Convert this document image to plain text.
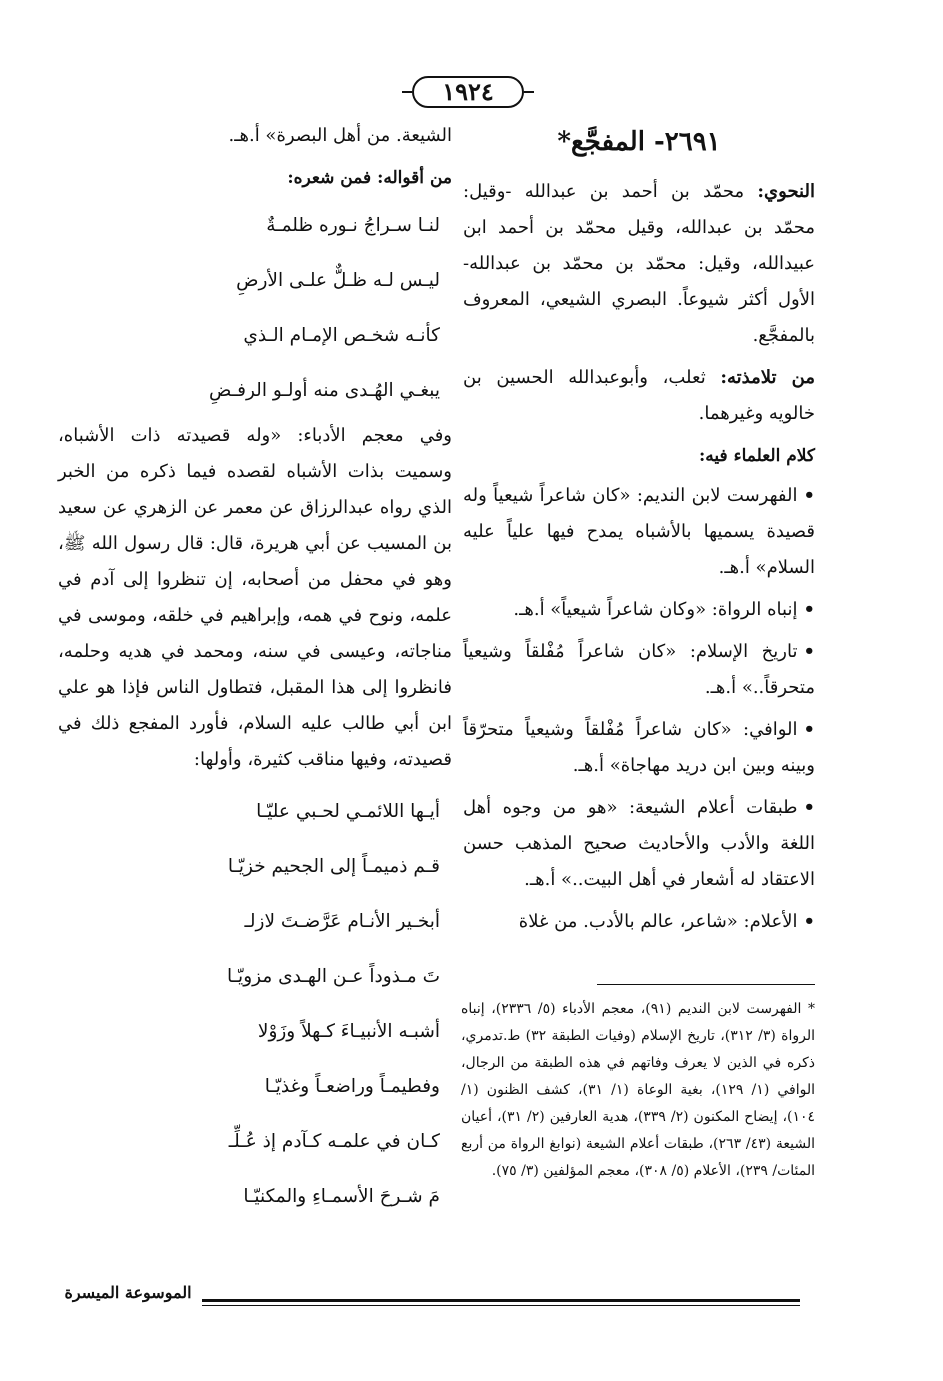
١٩٢٤
٢٦٩١- المفجَّع*

النحوي: محمّد بن أحمد بن عبدالله -وقيل: محمّد بن عبدالله، وقيل محمّد بن أحمد ابن عبيدالله، وقيل: محمّد بن محمّد بن عبدالله- الأول أكثر شيوعاً. البصري الشيعي، المعروف بالمفجَّع.

من تلامذته: ثعلب، وأبوعبدالله الحسين بن خالويه وغيرهما.

كلام العلماء فيه:

•الفهرست لابن النديم: «كان شاعراً شيعياً وله قصيدة يسميها بالأشباه يمدح فيها علياً عليه السلام» أ.هـ.

•إنباه الرواة: «وكان شاعراً شيعياً» أ.هـ.

•تاريخ الإسلام: «كان شاعراً مُفْلقاً وشيعياً متحرقاً..» أ.هـ.

•الوافي: «كان شاعراً مُفْلقاً وشيعياً متحرّقاً وبينه وبين ابن دريد مهاجاة» أ.هـ.

•طبقات أعلام الشيعة: «هو من وجوه أهل اللغة والأدب والأحاديث صحيح المذهب حسن الاعتقاد له أشعار في أهل البيت..» أ.هـ.

•الأعلام: «شاعر، عالم بالأدب. من غلاة

* الفهرست لابن النديم (٩١)، معجم الأدباء (٥/ ٢٣٣٦)، إنباه الرواة (٣/ ٣١٢)، تاريخ الإسلام (وفيات الطبقة ٣٢) ط.تدمري، ذكره في الذين لا يعرف وفاتهم في هذه الطبقة من الرجال، الوافي (١/ ١٢٩)، بغية الوعاة (١/ ٣١)، كشف الظنون (١/ ١٠٤)، إيضاح المكنون (٢/ ٣٣٩)، هدية العارفين (٢/ ٣١)، أعيان الشيعة (٤٣/ ٢٦٣)، طبقات أعلام الشيعة (نوابغ الرواة من أربع المئات/ ٢٣٩)، الأعلام (٥/ ٣٠٨)، معجم المؤلفين (٣/ ٧٥).

الشيعة. من أهل البصرة» أ.هـ.

من أقواله: فمن شعره:
لنـا سـراجُ نـوره ظلمـةٌ
ليـس لـه ظـلٌّ علـى الأرضِ
كأنـه شخـص الإمـام الـذي
يبغـي الهُـدى منه أولـو الرفـضِ

وفي معجم الأدباء: «وله قصيدته ذات الأشباه، وسميت بذات الأشباه لقصده فيما ذكره من الخبر الذي رواه عبدالرزاق عن معمر عن الزهري عن سعيد بن المسيب عن أبي هريرة، قال: قال رسول الله ﷺ، وهو في محفل من أصحابه، إن تنظروا إلى آدم في علمه، ونوح في همه، وإبراهيم في خلقه، وموسى في مناجاته، وعيسى في سنه، ومحمد في هديه وحلمه، فانظروا إلى هذا المقبل، فتطاول الناس فإذا هو علي ابن أبي طالب عليه السلام، فأورد المفجع ذلك في قصيدته، وفيها مناقب كثيرة، وأولها:

أيـها اللائمـي لحـبي عليّـا
قـم ذميمـاً إلى الجحيم خزيّـا
أبخـير الأنـام عَرَّضـتَ لازلـ
تَ مـذوداً عـن الهـدى مزويّـا
أشبـه الأنبيـاءَ كـهلاً وزَوْلا
وفطيمـاً وراضعـاً وغذيّـا
كـان في علمـه كـآدم إذ عُـلِّـ
مَ شـرحَ الأسمـاءِ والمكنيّـا
الموسوعة الميسرة
